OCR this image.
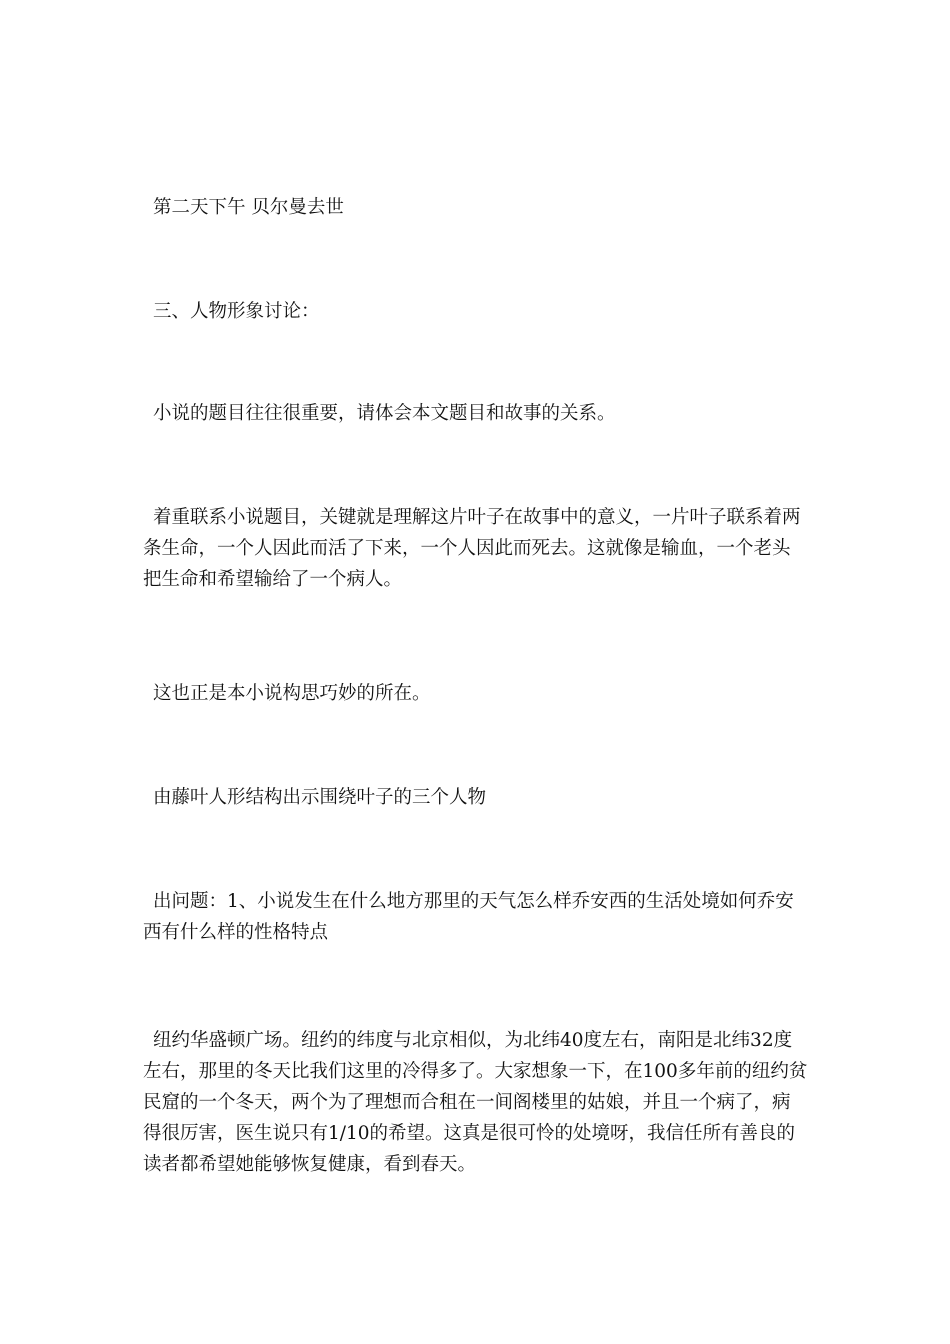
第二天下午 贝尔曼去世

三、人物形象讨论：

小说的题目往往很重要，请体会本文题目和故事的关系。

着重联系小说题目，关键就是理解这片叶子在故事中的意义，一片叶子联系着两条生命，一个人因此而活了下来，一个人因此而死去。这就像是输血，一个老头把生命和希望输给了一个病人。

这也正是本小说构思巧妙的所在。

由藤叶人形结构出示围绕叶子的三个人物

出问题：1、小说发生在什么地方那里的天气怎么样乔安西的生活处境如何乔安西有什么样的性格特点

纽约华盛顿广场。纽约的纬度与北京相似，为北纬40度左右，南阳是北纬32度左右，那里的冬天比我们这里的冷得多了。大家想象一下，在100多年前的纽约贫民窟的一个冬天，两个为了理想而合租在一间阁楼里的姑娘，并且一个病了，病得很厉害，医生说只有1/10的希望。这真是很可怜的处境呀，我信任所有善良的读者都希望她能够恢复健康，看到春天。
